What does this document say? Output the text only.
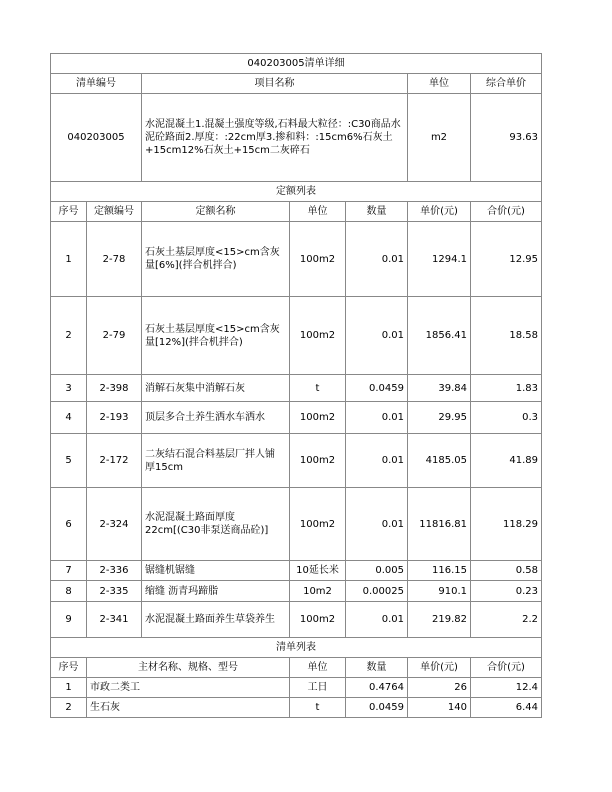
040203005清单详细						
清单编号		项目名称			单位	综合单价
040203005		水泥混凝土1.混凝土强度等级,石料最大粒径：:C30商品水泥砼路面2.厚度：:22cm厚3.掺和料：:15cm6%石灰土+15cm12%石灰土+15cm二灰碎石			m2	93.63
定额列表						
序号	定额编号	定额名称	单位	数量	单价(元)	合价(元)
1	2-78	石灰土基层厚度<15>cm含灰量[6%](拌合机拌合)	100m2	0.01	1294.1	12.95
2	2-79	石灰土基层厚度<15>cm含灰量[12%](拌合机拌合)	100m2	0.01	1856.41	18.58
3	2-398	消解石灰集中消解石灰	t	0.0459	39.84	1.83
4	2-193	顶层多合土养生洒水车洒水	100m2	0.01	29.95	0.3
5	2-172	二灰结石混合料基层厂拌人铺 厚15cm	100m2	0.01	4185.05	41.89
6	2-324	水泥混凝土路面厚度22cm[(C30非泵送商品砼)]	100m2	0.01	11816.81	118.29
7	2-336	锯缝机锯缝	10延长米	0.005	116.15	0.58
8	2-335	缩缝 沥青玛蹄脂	10m2	0.00025	910.1	0.23
9	2-341	水泥混凝土路面养生草袋养生	100m2	0.01	219.82	2.2
清单列表						
序号	主材名称、规格、型号		单位	数量	单价(元)	合价(元)
1	市政二类工		工日	0.4764	26	12.4
2	生石灰		t	0.0459	140	6.44
